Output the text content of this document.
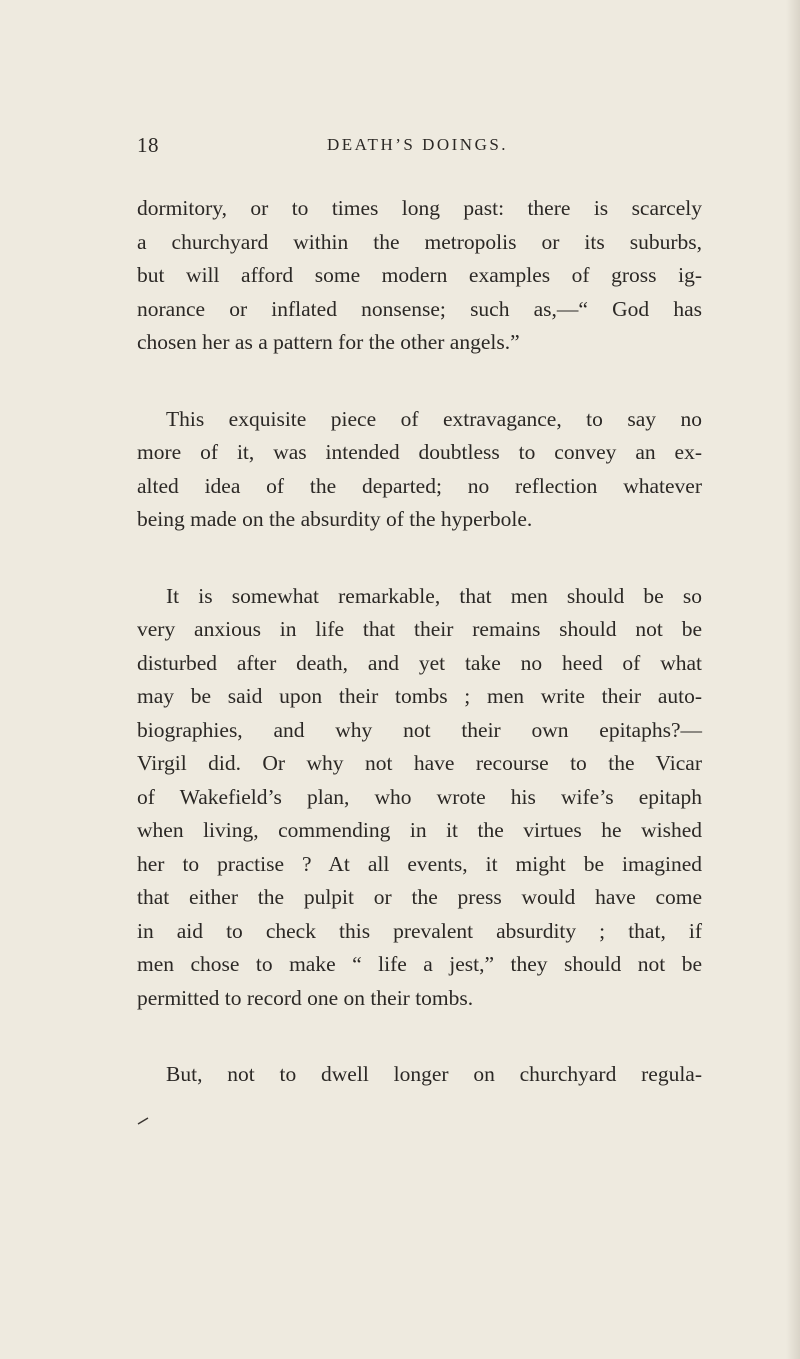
18	DEATH’S DOINGS.
dormitory, or to times long past: there is scarcely
a churchyard within the metropolis or its suburbs,
but will afford some modern examples of gross ig-
norance or inflated nonsense; such as,—“ God has
chosen her as a pattern for the other angels.”
This exquisite piece of extravagance, to say no
more of it, was intended doubtless to convey an ex-
alted idea of the departed; no reflection whatever
being made on the absurdity of the hyperbole.
It is somewhat remarkable, that men should be so
very anxious in life that their remains should not be
disturbed after death, and yet take no heed of what
may be said upon their tombs ; men write their auto-
biographies, and why not their own epitaphs?—
Virgil did. Or why not have recourse to the Vicar
of Wakefield’s plan, who wrote his wife’s epitaph
when living, commending in it the virtues he wished
her to practise ? At all events, it might be imagined
that either the pulpit or the press would have come
in aid to check this prevalent absurdity ; that, if
men chose to make “ life a jest,” they should not be
permitted to record one on their tombs.
But, not to dwell longer on churchyard regula-
